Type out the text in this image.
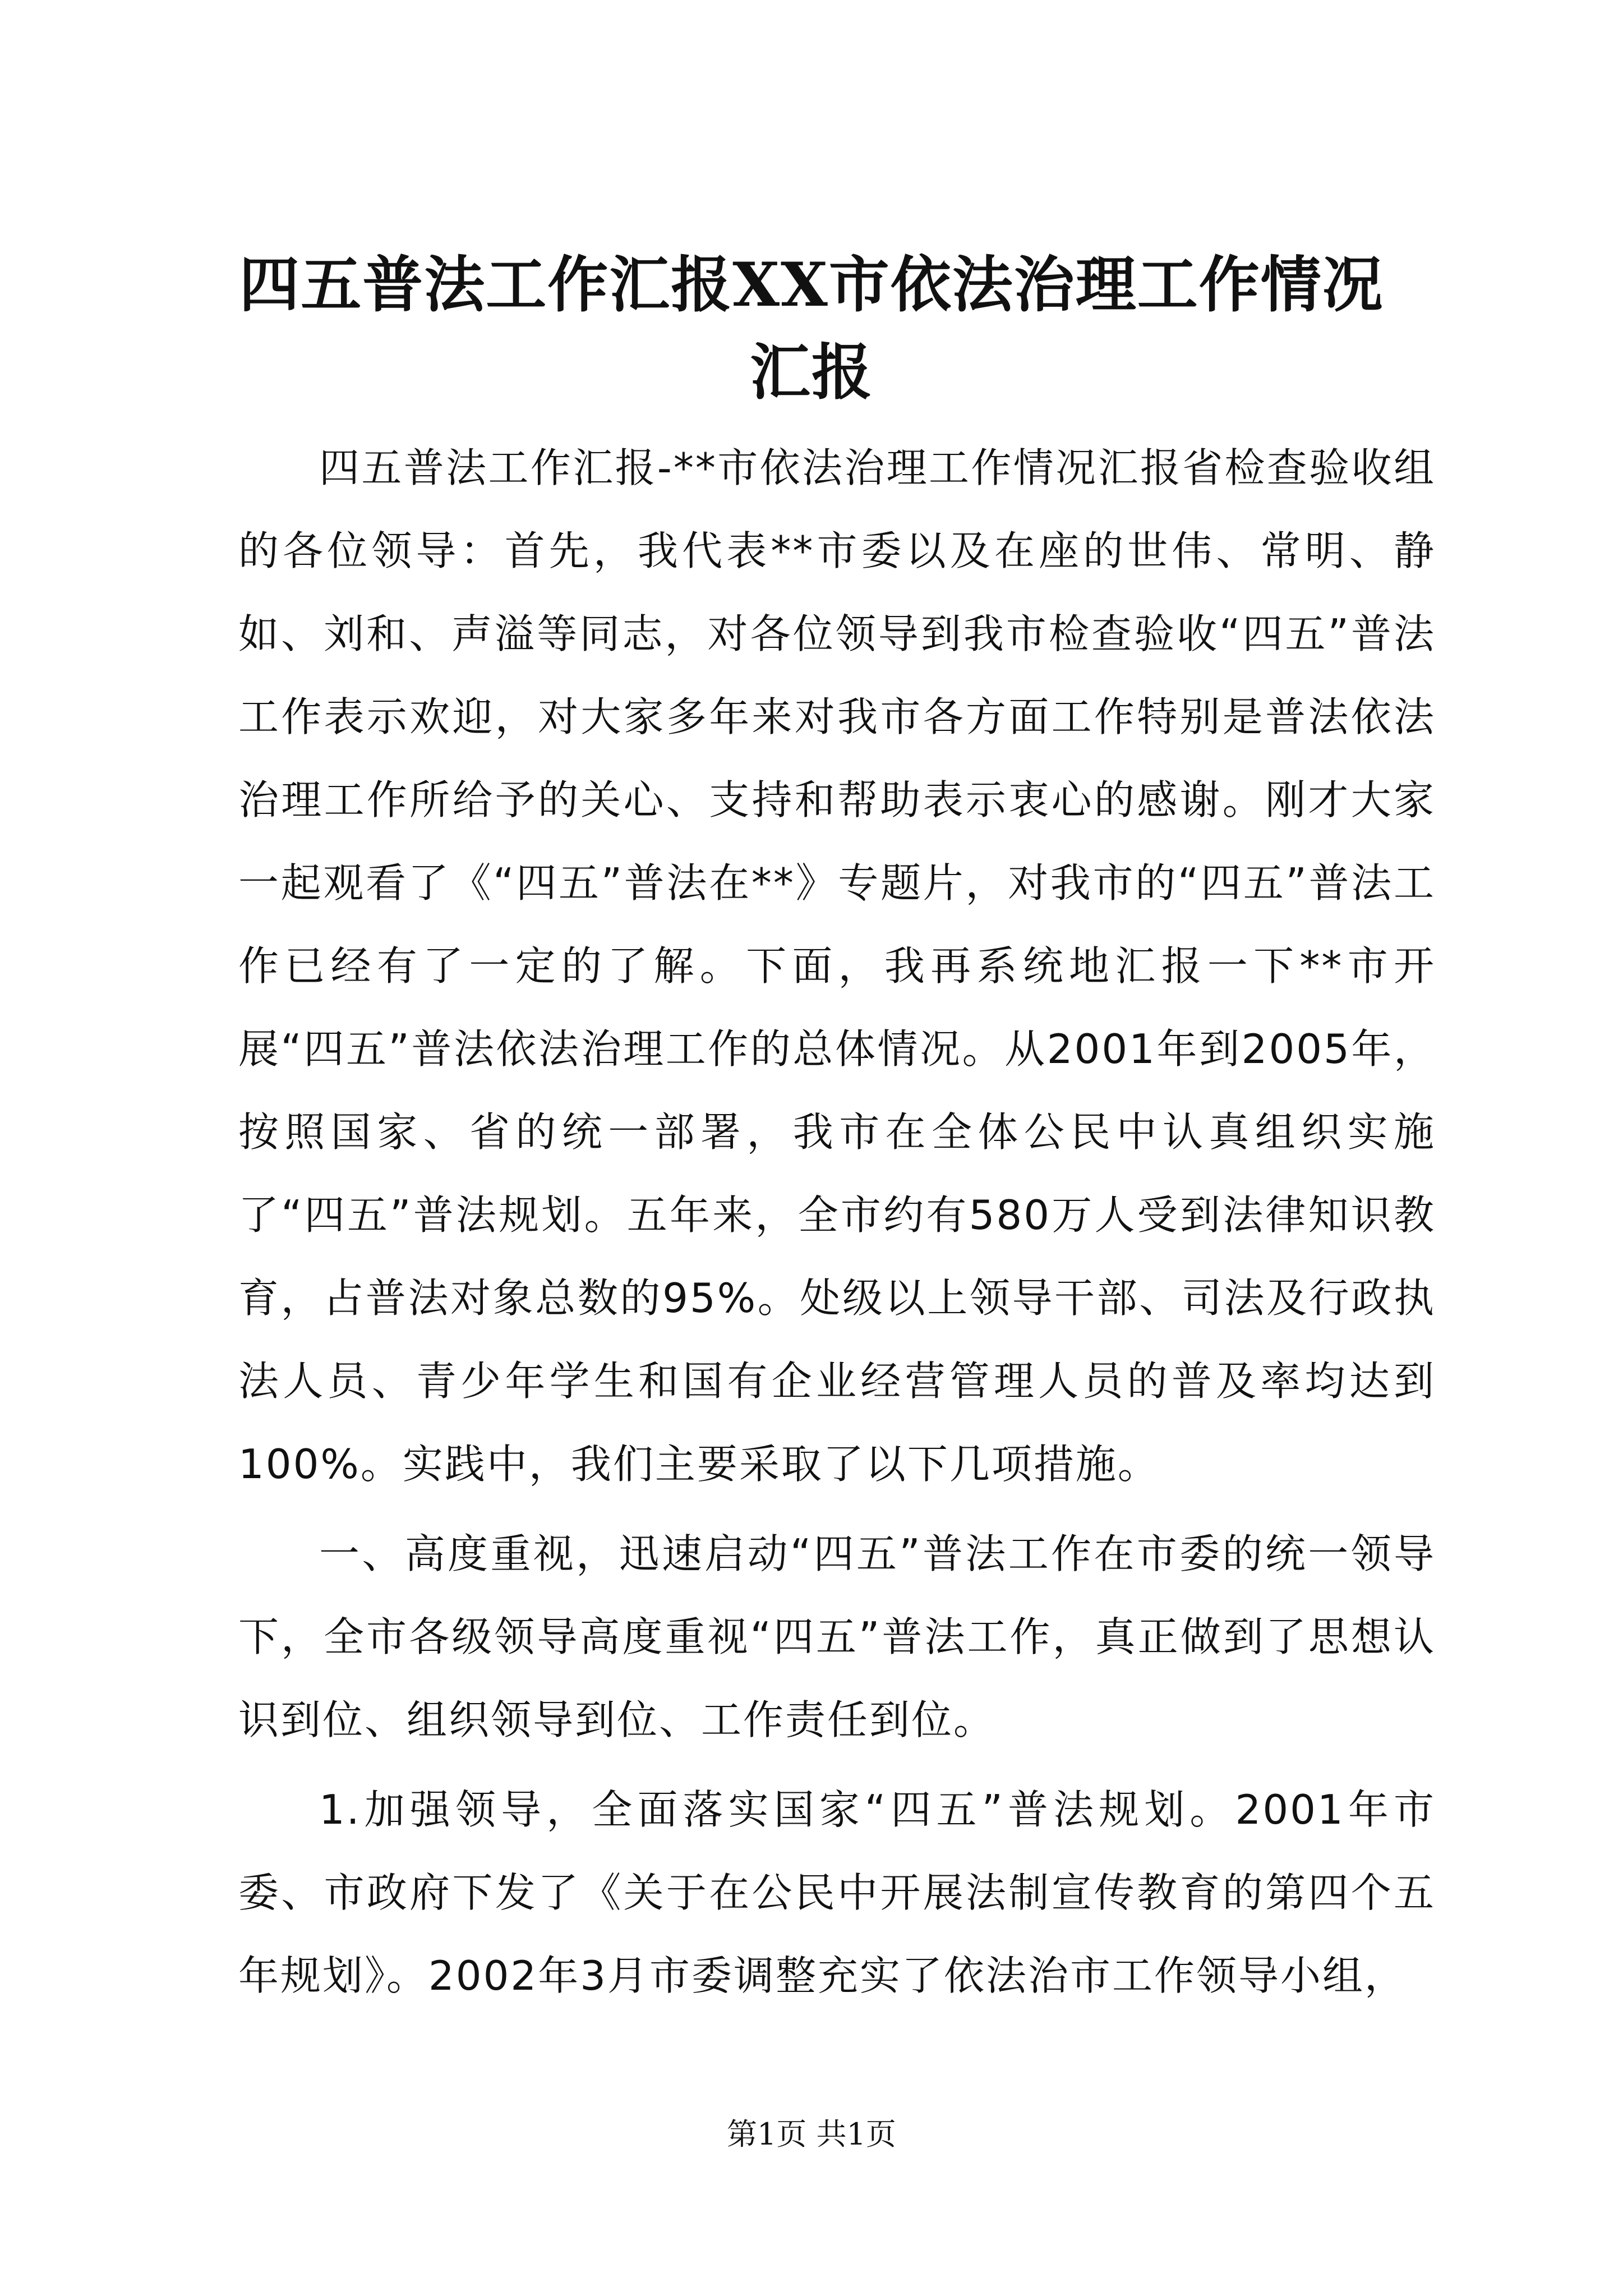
四五普法工作汇报XX市依法治理工作情况汇报

四五普法工作汇报-**市依法治理工作情况汇报省检查验收组的各位领导：首先，我代表**市委以及在座的世伟、常明、静如、刘和、声溢等同志，对各位领导到我市检查验收“四五”普法工作表示欢迎，对大家多年来对我市各方面工作特别是普法依法治理工作所给予的关心、支持和帮助表示衷心的感谢。刚才大家一起观看了《“四五”普法在**》专题片，对我市的“四五”普法工作已经有了一定的了解。下面，我再系统地汇报一下**市开展“四五”普法依法治理工作的总体情况。从2001年到2005年，按照国家、省的统一部署，我市在全体公民中认真组织实施了“四五”普法规划。五年来，全市约有580万人受到法律知识教育，占普法对象总数的95%。处级以上领导干部、司法及行政执法人员、青少年学生和国有企业经营管理人员的普及率均达到100%。实践中，我们主要采取了以下几项措施。

一、高度重视，迅速启动“四五”普法工作在市委的统一领导下，全市各级领导高度重视“四五”普法工作，真正做到了思想认识到位、组织领导到位、工作责任到位。

1.加强领导，全面落实国家“四五”普法规划。2001年市委、市政府下发了《关于在公民中开展法制宣传教育的第四个五年规划》。2002年3月市委调整充实了依法治市工作领导小组，

第1页 共1页
